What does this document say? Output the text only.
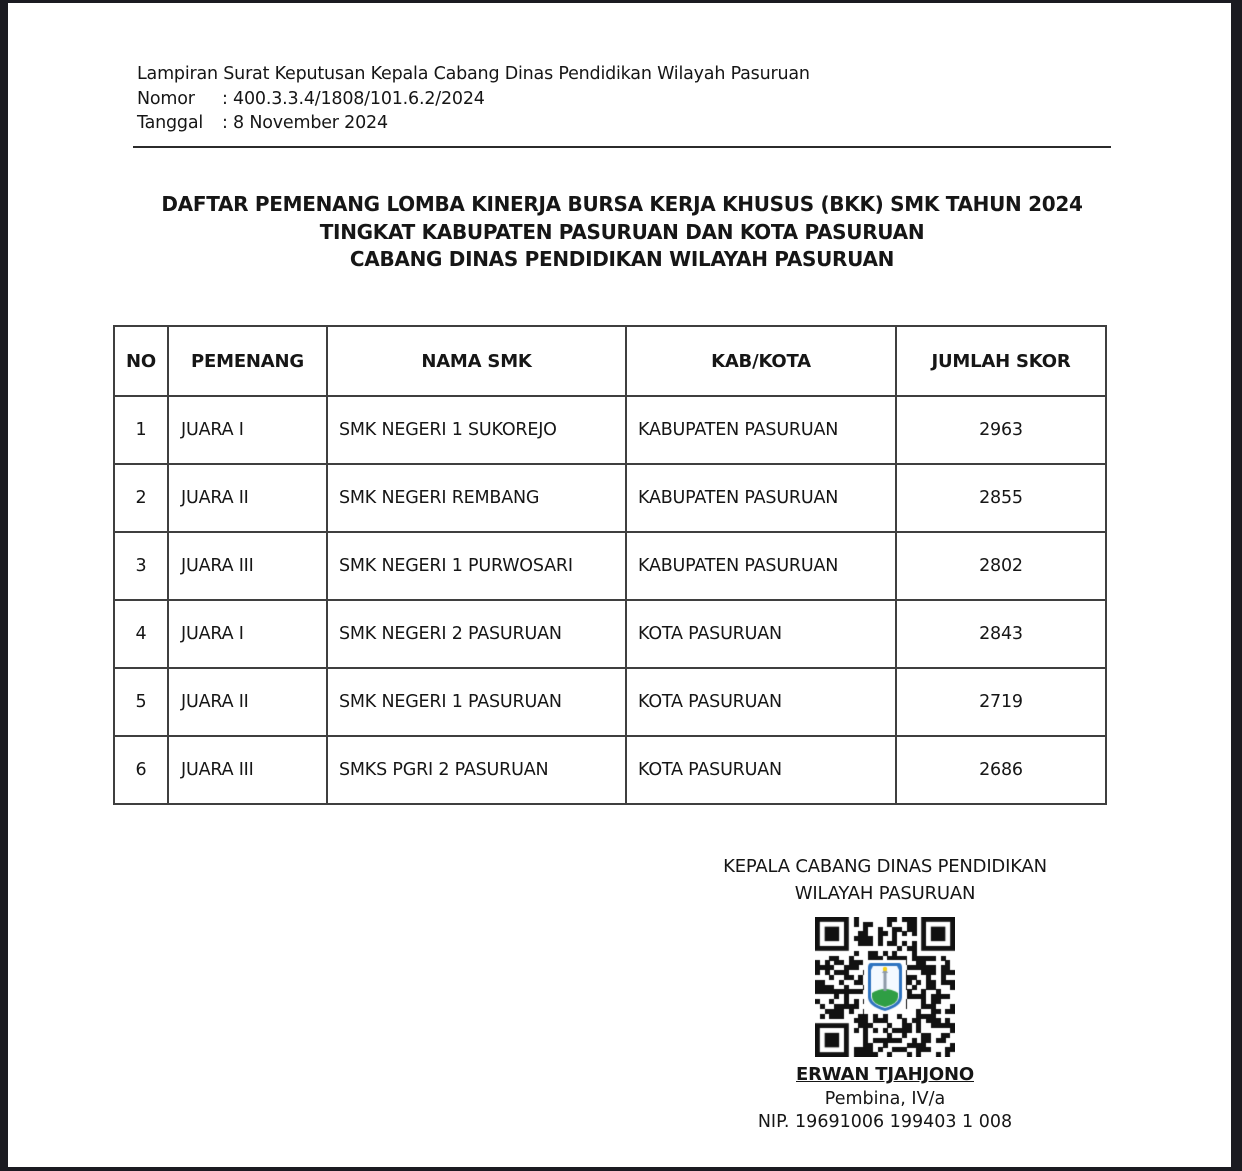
Lampiran Surat Keputusan Kepala Cabang Dinas Pendidikan Wilayah Pasuruan
Nomor : 400.3.3.4/1808/101.6.2/2024
Tanggal : 8 November 2024
DAFTAR PEMENANG LOMBA KINERJA BURSA KERJA KHUSUS (BKK) SMK TAHUN 2024
TINGKAT KABUPATEN PASURUAN DAN KOTA PASURUAN
CABANG DINAS PENDIDIKAN WILAYAH PASURUAN
NO	PEMENANG	NAMA SMK	KAB/KOTA	JUMLAH SKOR
1	JUARA I	SMK NEGERI 1 SUKOREJO	KABUPATEN PASURUAN	2963
2	JUARA II	SMK NEGERI REMBANG	KABUPATEN PASURUAN	2855
3	JUARA III	SMK NEGERI 1 PURWOSARI	KABUPATEN PASURUAN	2802
4	JUARA I	SMK NEGERI 2 PASURUAN	KOTA PASURUAN	2843
5	JUARA II	SMK NEGERI 1 PASURUAN	KOTA PASURUAN	2719
6	JUARA III	SMKS PGRI 2 PASURUAN	KOTA PASURUAN	2686
KEPALA CABANG DINAS PENDIDIKAN
WILAYAH PASURUAN
ERWAN TJAHJONO
Pembina, IV/a
NIP. 19691006 199403 1 008
